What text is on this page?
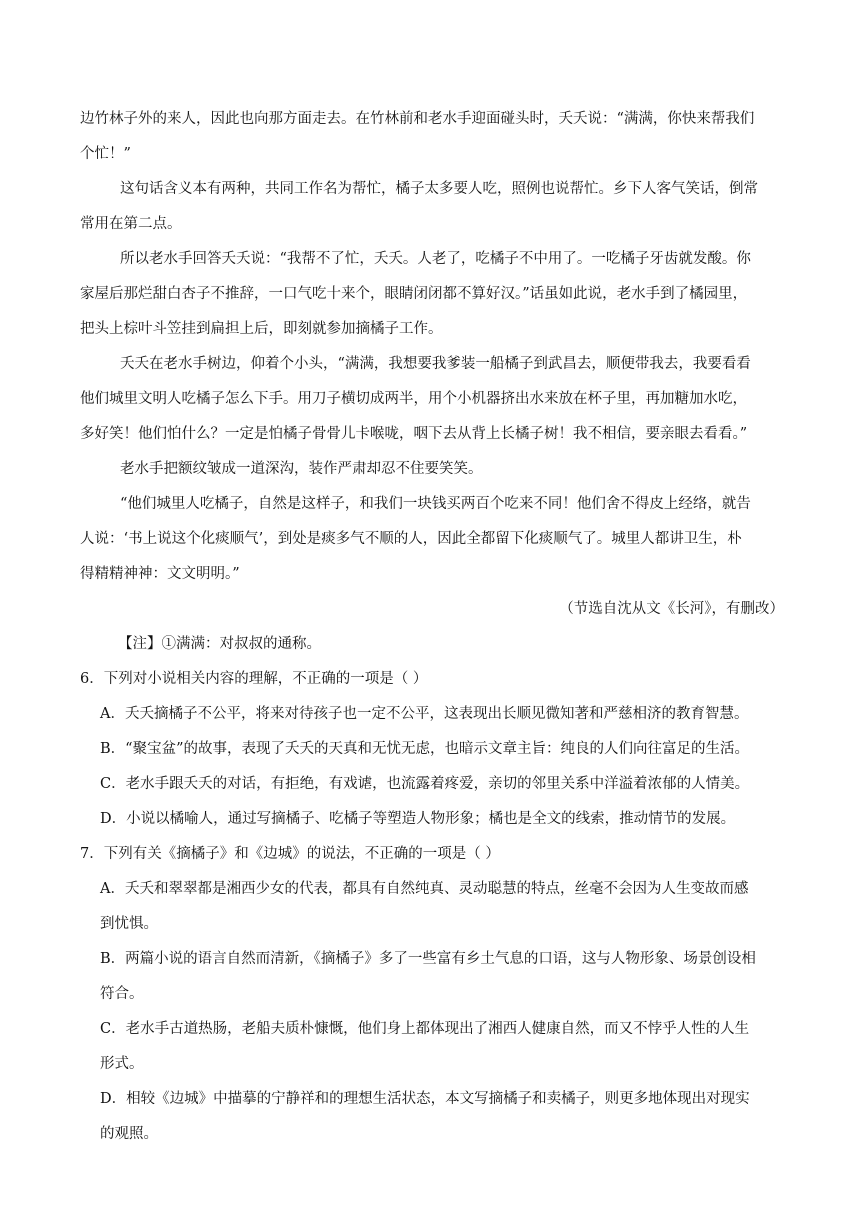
边竹林子外的来人，因此也向那方面走去。在竹林前和老水手迎面碰头时，夭夭说：“满满，你快来帮我们
个忙！”
这句话含义本有两种，共同工作名为帮忙，橘子太多要人吃，照例也说帮忙。乡下人客气笑话，倒常
常用在第二点。
所以老水手回答夭夭说：“我帮不了忙，夭夭。人老了，吃橘子不中用了。一吃橘子牙齿就发酸。你
家屋后那烂甜白杏子不推辞，一口气吃十来个，眼睛闭闭都不算好汉。”话虽如此说，老水手到了橘园里，
把头上棕叶斗笠挂到扁担上后，即刻就参加摘橘子工作。
夭夭在老水手树边，仰着个小头，“满满，我想要我爹装一船橘子到武昌去，顺便带我去，我要看看
他们城里文明人吃橘子怎么下手。用刀子横切成两半，用个小机器挤出水来放在杯子里，再加糖加水吃，
多好笑！他们怕什么？一定是怕橘子骨骨儿卡喉咙，咽下去从背上长橘子树！我不相信，要亲眼去看看。”
老水手把额纹皱成一道深沟，装作严肃却忍不住要笑笑。
“他们城里人吃橘子，自然是这样子，和我们一块钱买两百个吃来不同！他们舍不得皮上经络，就告
人说：‘书上说这个化痰顺气’，到处是痰多气不顺的人，因此全都留下化痰顺气了。城里人都讲卫生，朴
得精精神神：文文明明。”
（节选自沈从文《长河》，有删改）
【注】①满满：对叔叔的通称。
6．下列对小说相关内容的理解，不正确的一项是（ ）
A．夭夭摘橘子不公平，将来对待孩子也一定不公平，这表现出长顺见微知著和严慈相济的教育智慧。
B．“聚宝盆”的故事，表现了夭夭的天真和无忧无虑，也暗示文章主旨：纯良的人们向往富足的生活。
C．老水手跟夭夭的对话，有拒绝，有戏谑，也流露着疼爱，亲切的邻里关系中洋溢着浓郁的人情美。
D．小说以橘喻人，通过写摘橘子、吃橘子等塑造人物形象；橘也是全文的线索，推动情节的发展。
7．下列有关《摘橘子》和《边城》的说法，不正确的一项是（ ）
A．夭夭和翠翠都是湘西少女的代表，都具有自然纯真、灵动聪慧的特点，丝毫不会因为人生变故而感
到忧惧。
B．两篇小说的语言自然而清新，《摘橘子》多了一些富有乡土气息的口语，这与人物形象、场景创设相
符合。
C．老水手古道热肠，老船夫质朴慷慨，他们身上都体现出了湘西人健康自然，而又不悖乎人性的人生
形式。
D．相较《边城》中描摹的宁静祥和的理想生活状态，本文写摘橘子和卖橘子，则更多地体现出对现实
的观照。
